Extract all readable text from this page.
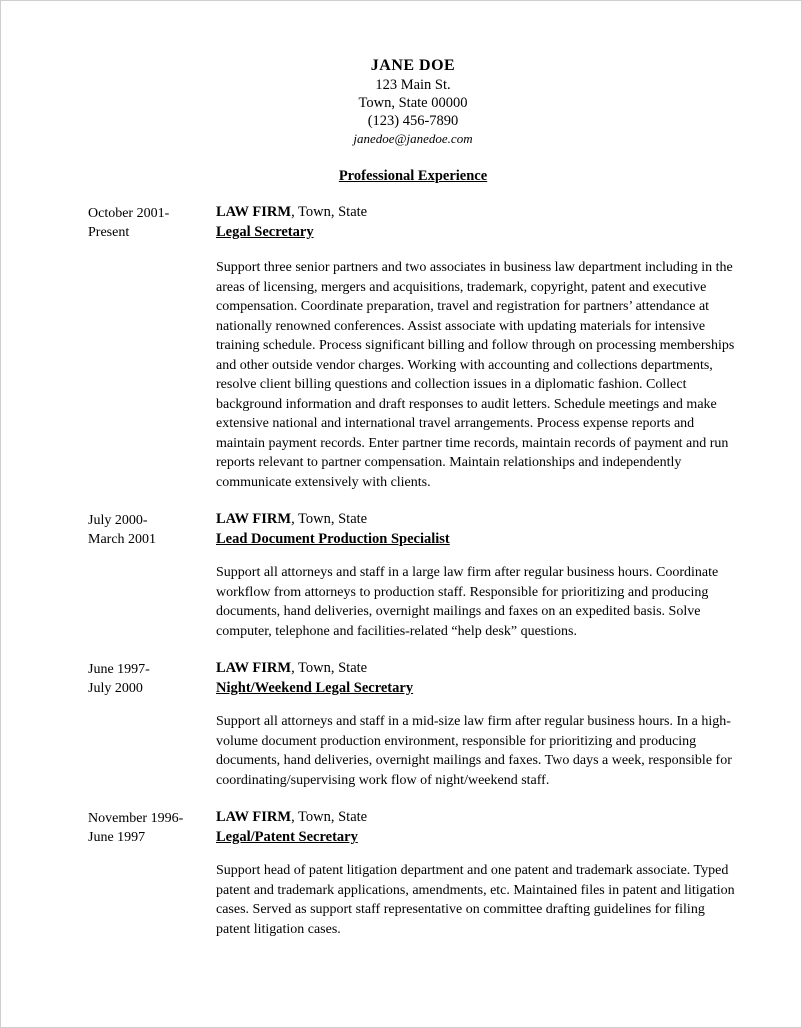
JANE DOE
123 Main St.
Town, State 00000
(123) 456-7890
janedoe@janedoe.com
Professional Experience
October 2001-
Present
LAW FIRM, Town, State
Legal Secretary
Support three senior partners and two associates in business law department including in the areas of licensing, mergers and acquisitions, trademark, copyright, patent and executive compensation. Coordinate preparation, travel and registration for partners’ attendance at nationally renowned conferences. Assist associate with updating materials for intensive training schedule. Process significant billing and follow through on processing memberships and other outside vendor charges. Working with accounting and collections departments, resolve client billing questions and collection issues in a diplomatic fashion. Collect background information and draft responses to audit letters. Schedule meetings and make extensive national and international travel arrangements. Process expense reports and maintain payment records. Enter partner time records, maintain records of payment and run reports relevant to partner compensation. Maintain relationships and independently communicate extensively with clients.
July 2000-
March 2001
LAW FIRM, Town, State
Lead Document Production Specialist
Support all attorneys and staff in a large law firm after regular business hours. Coordinate workflow from attorneys to production staff. Responsible for prioritizing and producing documents, hand deliveries, overnight mailings and faxes on an expedited basis. Solve computer, telephone and facilities-related “help desk” questions.
June 1997-
July 2000
LAW FIRM, Town, State
Night/Weekend Legal Secretary
Support all attorneys and staff in a mid-size law firm after regular business hours. In a high-volume document production environment, responsible for prioritizing and producing documents, hand deliveries, overnight mailings and faxes. Two days a week, responsible for coordinating/supervising work flow of night/weekend staff.
November 1996-
June 1997
LAW FIRM, Town, State
Legal/Patent Secretary
Support head of patent litigation department and one patent and trademark associate. Typed patent and trademark applications, amendments, etc. Maintained files in patent and litigation cases. Served as support staff representative on committee drafting guidelines for filing patent litigation cases.
